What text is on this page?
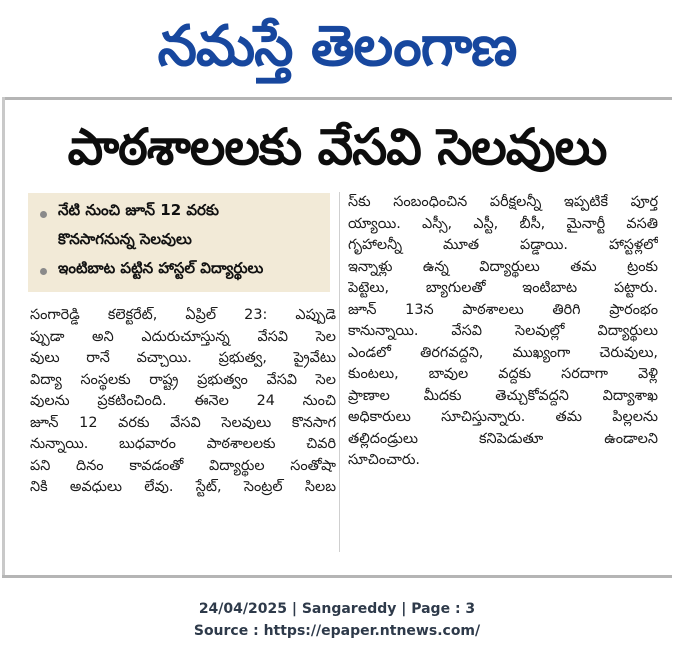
నమస్తే తెలంగాణ
పాఠశాలలకు వేసవి సెలవులు
నేటి నుంచి జూన్ 12 వరకు
కొనసాగనున్న సెలవులు
ఇంటిబాట పట్టిన హాస్టల్ విద్యార్థులు
సంగారెడ్డి కలెక్టరేట్, ఏప్రిల్ 23: ఎప్పుడె
ప్పుడా అని ఎదురుచూస్తున్న వేసవి సెల
వులు రానే వచ్చాయి. ప్రభుత్వ, ప్రైవేటు
విద్యా సంస్థలకు రాష్ట్ర ప్రభుత్వం వేసవి సెల
వులను ప్రకటించింది. ఈనెల 24 నుంచి
జూన్ 12 వరకు వేసవి సెలవులు కొనసాగ
నున్నాయి. బుధవారం పాఠశాలలకు చివరి
పని దినం కావడంతో విద్యార్థుల సంతోషా
నికి అవధులు లేవు. స్టేట్, సెంట్రల్ సిలబ
స్‌కు సంబంధించిన పరీక్షలన్నీ ఇప్పటికే పూర్త
య్యాయి. ఎస్సీ, ఎస్టీ, బీసీ, మైనార్టీ వసతి
గృహాలన్నీ మూత పడ్డాయి. హాస్టళ్లలో
ఇన్నాళ్లు ఉన్న విద్యార్థులు తమ ట్రంకు
పెట్టెలు, బ్యాగులతో ఇంటిబాట పట్టారు.
జూన్ 13న పాఠశాలలు తిరిగి ప్రారంభం
కానున్నాయి. వేసవి సెలవుల్లో విద్యార్థులు
ఎండలో తిరగవద్దని, ముఖ్యంగా చెరువులు,
కుంటలు, బావుల వద్దకు సరదాగా వెళ్లి
ప్రాణాల మీదకు తెచ్చుకోవద్దని విద్యాశాఖ
అధికారులు సూచిస్తున్నారు. తమ పిల్లలను
తల్లిదండ్రులు కనిపెడుతూ ఉండాలని
సూచించారు.
24/04/2025 | Sangareddy | Page : 3
Source : https://epaper.ntnews.com/
